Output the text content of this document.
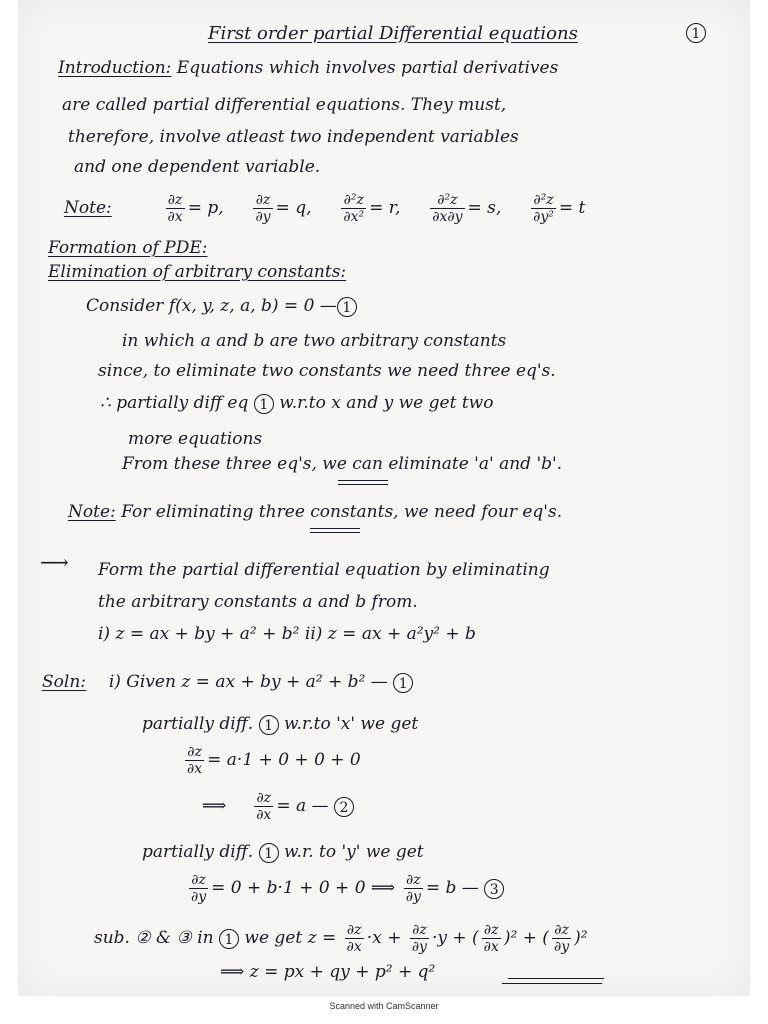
First order partial Differential equations	1
Introduction: Equations which involves partial derivatives
are called partial differential equations. They must,
therefore, involve atleast two independent variables
and one dependent variable.
Note:	$\frac{\partial z}{\partial x} = p$, $\frac{\partial z}{\partial y} = q$, $\frac{\text{∂²z}}{\text{∂x²}} = r$, $\frac{\text{∂²z}}{\partial x\partial y} = s$, $\frac{\text{∂²z}}{\text{∂y²}} = t$
Formation of PDE:
Elimination of arbitrary constants:
Consider f(x, y, z, a, b) = 0 — 1
in which a and b are two arbitrary constants
since, to eliminate two constants we need three eq's.
∴ partially diff eq 1 w.r.to x and y we get two
more equations
From these three eq's, we can eliminate 'a' and 'b'.
Note: For eliminating three constants, we need four eq's.
⟶ Form the partial differential equation by eliminating
the arbitrary constants a and b from.
i) z = ax + by + a² + b² ii) z = ax + a²y² + b
Soln: i) Given z = ax + by + a² + b² — 1
partially diff. 1 w.r.to 'x' we get
$\frac{\partial z}{\partial x} = a\cdot 1 + 0 + 0 + 0$
⟹ $\frac{\partial z}{\partial x} = a$ — 2
partially diff. 1 w.r. to 'y' we get
$\frac{\partial z}{\partial y} = 0 + b\cdot 1 + 0 + 0$ ⟹ $\frac{\partial z}{\partial y} = b$ — 3
sub. ② & ③ in 1 we get $z = \frac{\partial z}{\partial x} \cdot x + \frac{\partial z}{\partial y} \cdot y$ + ( $\frac{\partial z}{\partial x} )^2$ + ( $\frac{\partial z}{\partial y} )^2$
⟹ z = px + qy + p² + q²
Scanned with CamScanner
